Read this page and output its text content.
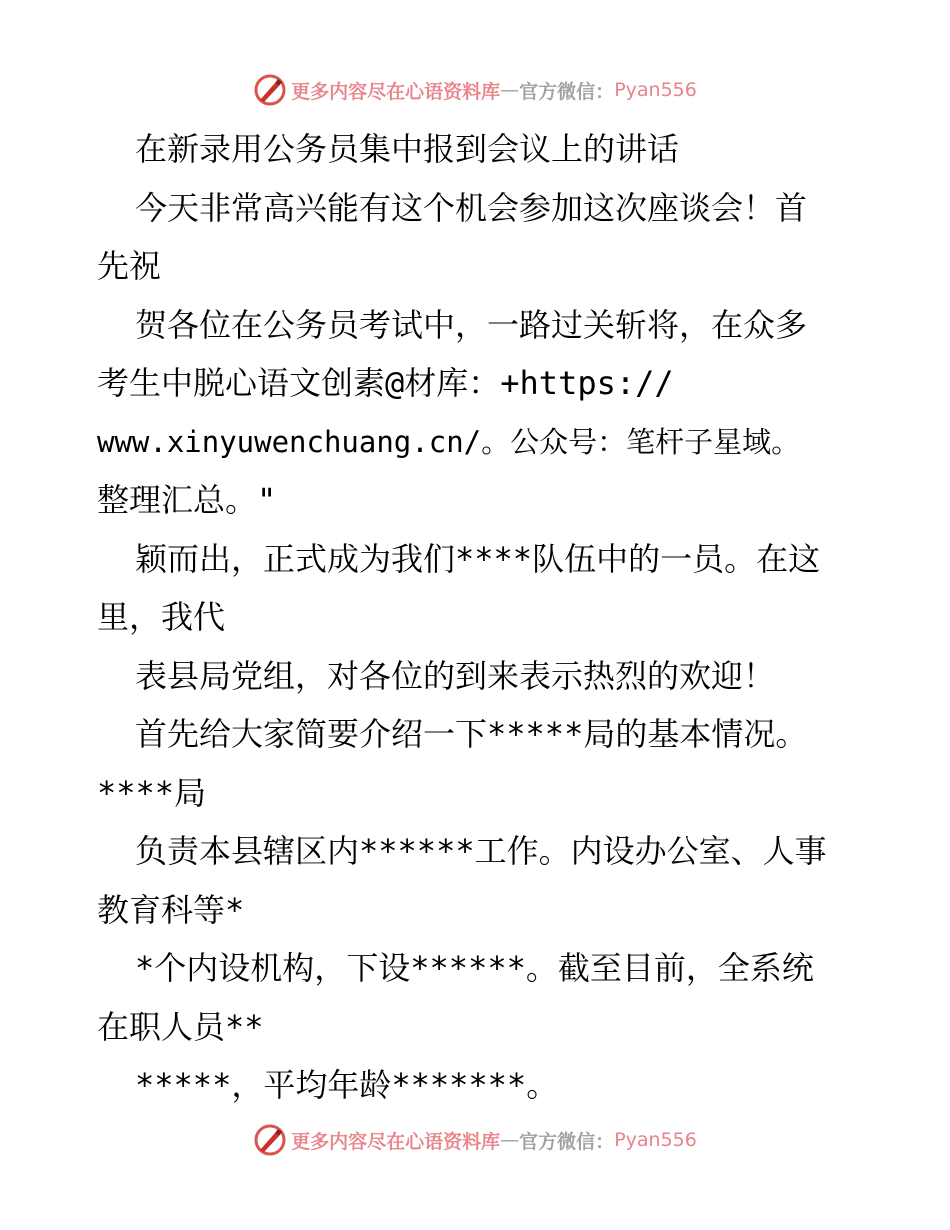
更多内容尽在心语资料库 — 官方微信： Pyan556
在新录用公务员集中报到会议上的讲话
今天非常高兴能有这个机会参加这次座谈会！首
先祝
贺各位在公务员考试中，一路过关斩将，在众多
考生中脱心语文创素@材库：+https://
www.xinyuwenchuang.cn/。公众号：笔杆子星域。
整理汇总。"
颖而出，正式成为我们****队伍中的一员。在这
里，我代
表县局党组，对各位的到来表示热烈的欢迎！
首先给大家简要介绍一下*****局的基本情况。
****局
负责本县辖区内******工作。内设办公室、人事
教育科等*
*个内设机构，下设******。截至目前，全系统
在职人员**
*****，平均年龄*******。
更多内容尽在心语资料库 — 官方微信： Pyan556
